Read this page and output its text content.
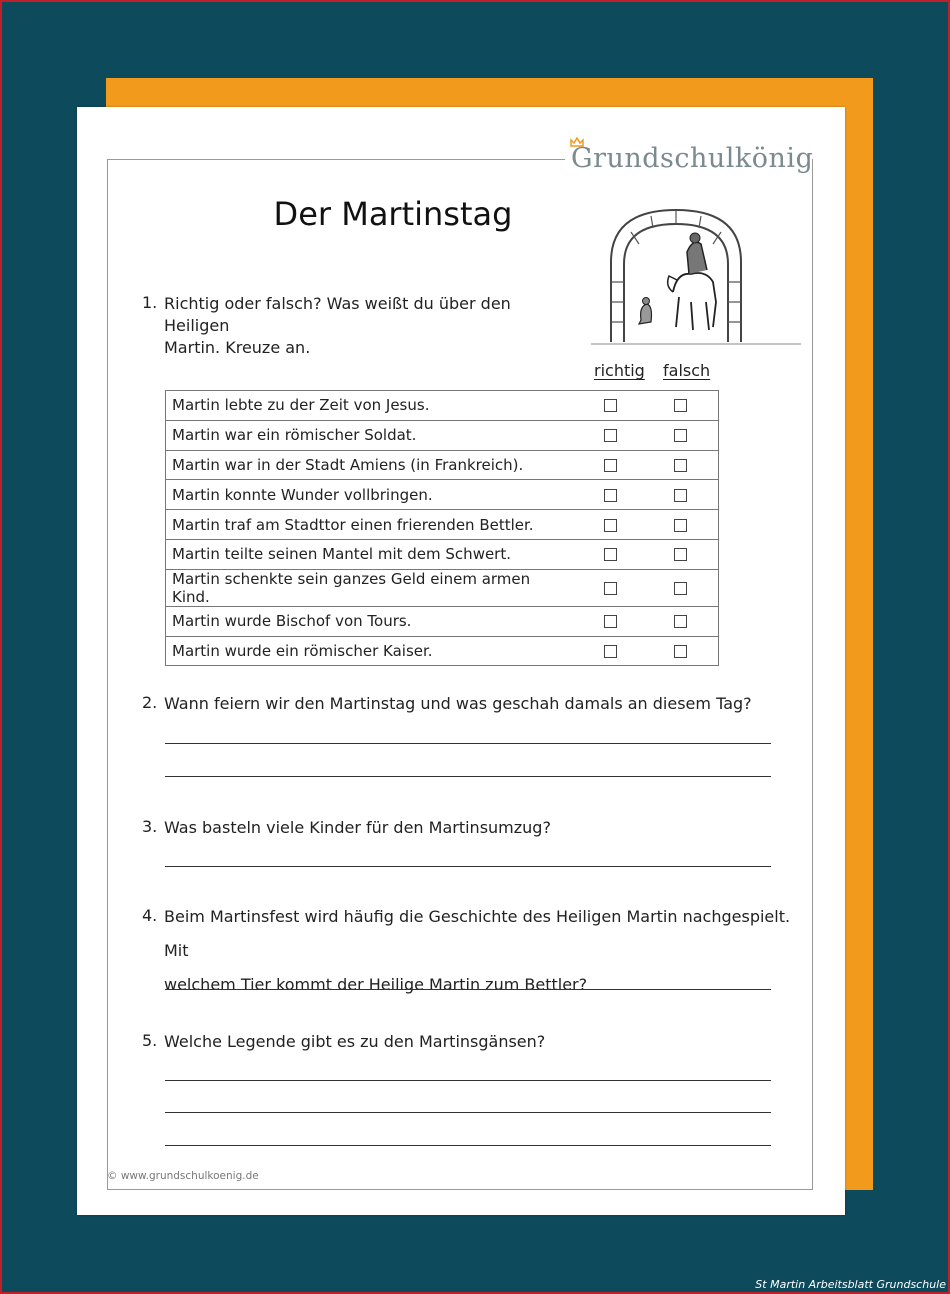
Grundschulkönig
Der Martinstag
1. Richtig oder falsch? Was weißt du über den Heiligen
Martin. Kreuze an.
richtig falsch
Martin lebte zu der Zeit von Jesus.		
Martin war ein römischer Soldat.		
Martin war in der Stadt Amiens (in Frankreich).		
Martin konnte Wunder vollbringen.		
Martin traf am Stadttor einen frierenden Bettler.		
Martin teilte seinen Mantel mit dem Schwert.		
Martin schenkte sein ganzes Geld einem armen Kind.		
Martin wurde Bischof von Tours.		
Martin wurde ein römischer Kaiser.		
2. Wann feiern wir den Martinstag und was geschah damals an diesem Tag?
3. Was basteln viele Kinder für den Martinsumzug?
4. Beim Martinsfest wird häufig die Geschichte des Heiligen Martin nachgespielt. Mit
welchem Tier kommt der Heilige Martin zum Bettler?
5. Welche Legende gibt es zu den Martinsgänsen?
© www.grundschulkoenig.de
St Martin Arbeitsblatt Grundschule
